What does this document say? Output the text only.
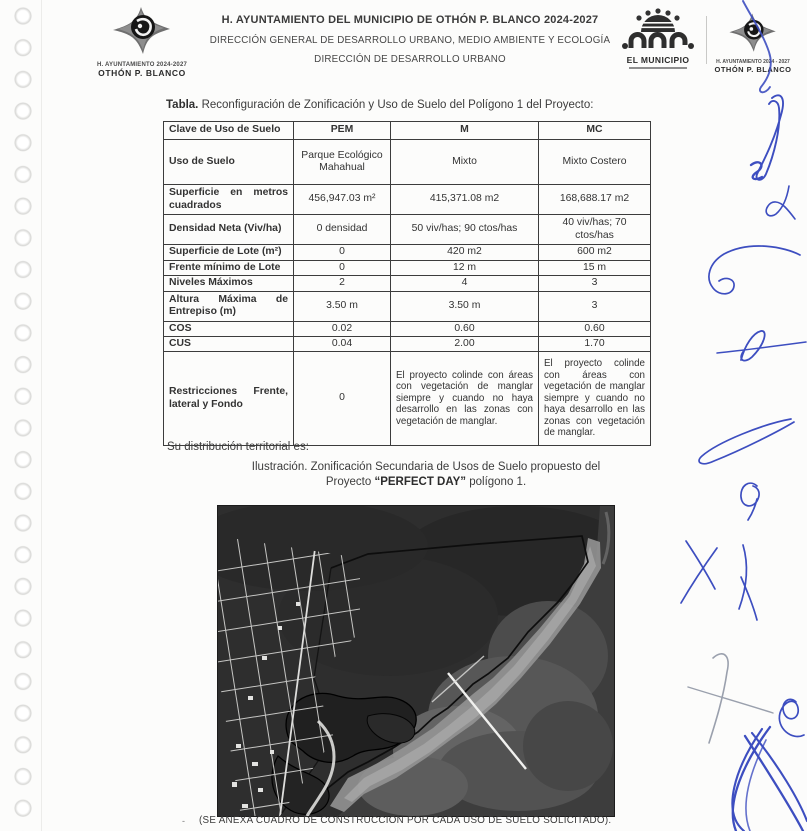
H. AYUNTAMIENTO 2024-2027
OTHÓN P. BLANCO
H. AYUNTAMIENTO DEL MUNICIPIO DE OTHÓN P. BLANCO 2024-2027
DIRECCIÓN GENERAL DE DESARROLLO URBANO, MEDIO AMBIENTE Y ECOLOGÍA
DIRECCIÓN DE DESARROLLO URBANO	EL MUNICIPIO	H. AYUNTAMIENTO 2024 - 2027
OTHÓN P. BLANCO
Tabla. Reconfiguración de Zonificación y Uso de Suelo del Polígono 1 del Proyecto:
Clave de Uso de Suelo	PEM	M	MC
Uso de Suelo	Parque Ecológico Mahahual	Mixto	Mixto Costero
Superficie en metros cuadrados	456,947.03 m²	415,371.08 m2	168,688.17 m2
Densidad Neta (Viv/ha)	0 densidad	50 viv/has; 90 ctos/has	40 viv/has; 70 ctos/has
Superficie de Lote (m²)	0	420 m2	600 m2
Frente mínimo de Lote	0	12 m	15 m
Niveles Máximos	2	4	3
Altura Máxima de Entrepiso (m)	3.50 m	3.50 m	3
COS	0.02	0.60	0.60
CUS	0.04	2.00	1.70
Restricciones Frente, lateral y Fondo	0	El proyecto colinde con áreas con vegetación de manglar siempre y cuando no haya desarrollo en las zonas con vegetación de manglar.	El proyecto colinde con áreas con vegetación de manglar siempre y cuando no haya desarrollo en las zonas con vegetación de manglar.
Su distribución territorial es:
Ilustración. Zonificación Secundaria de Usos de Suelo propuesto del Proyecto “PERFECT DAY” polígono 1.
- (SE ANEXA CUADRO DE CONSTRUCCIÓN POR CADA USO DE SUELO SOLICITADO).
